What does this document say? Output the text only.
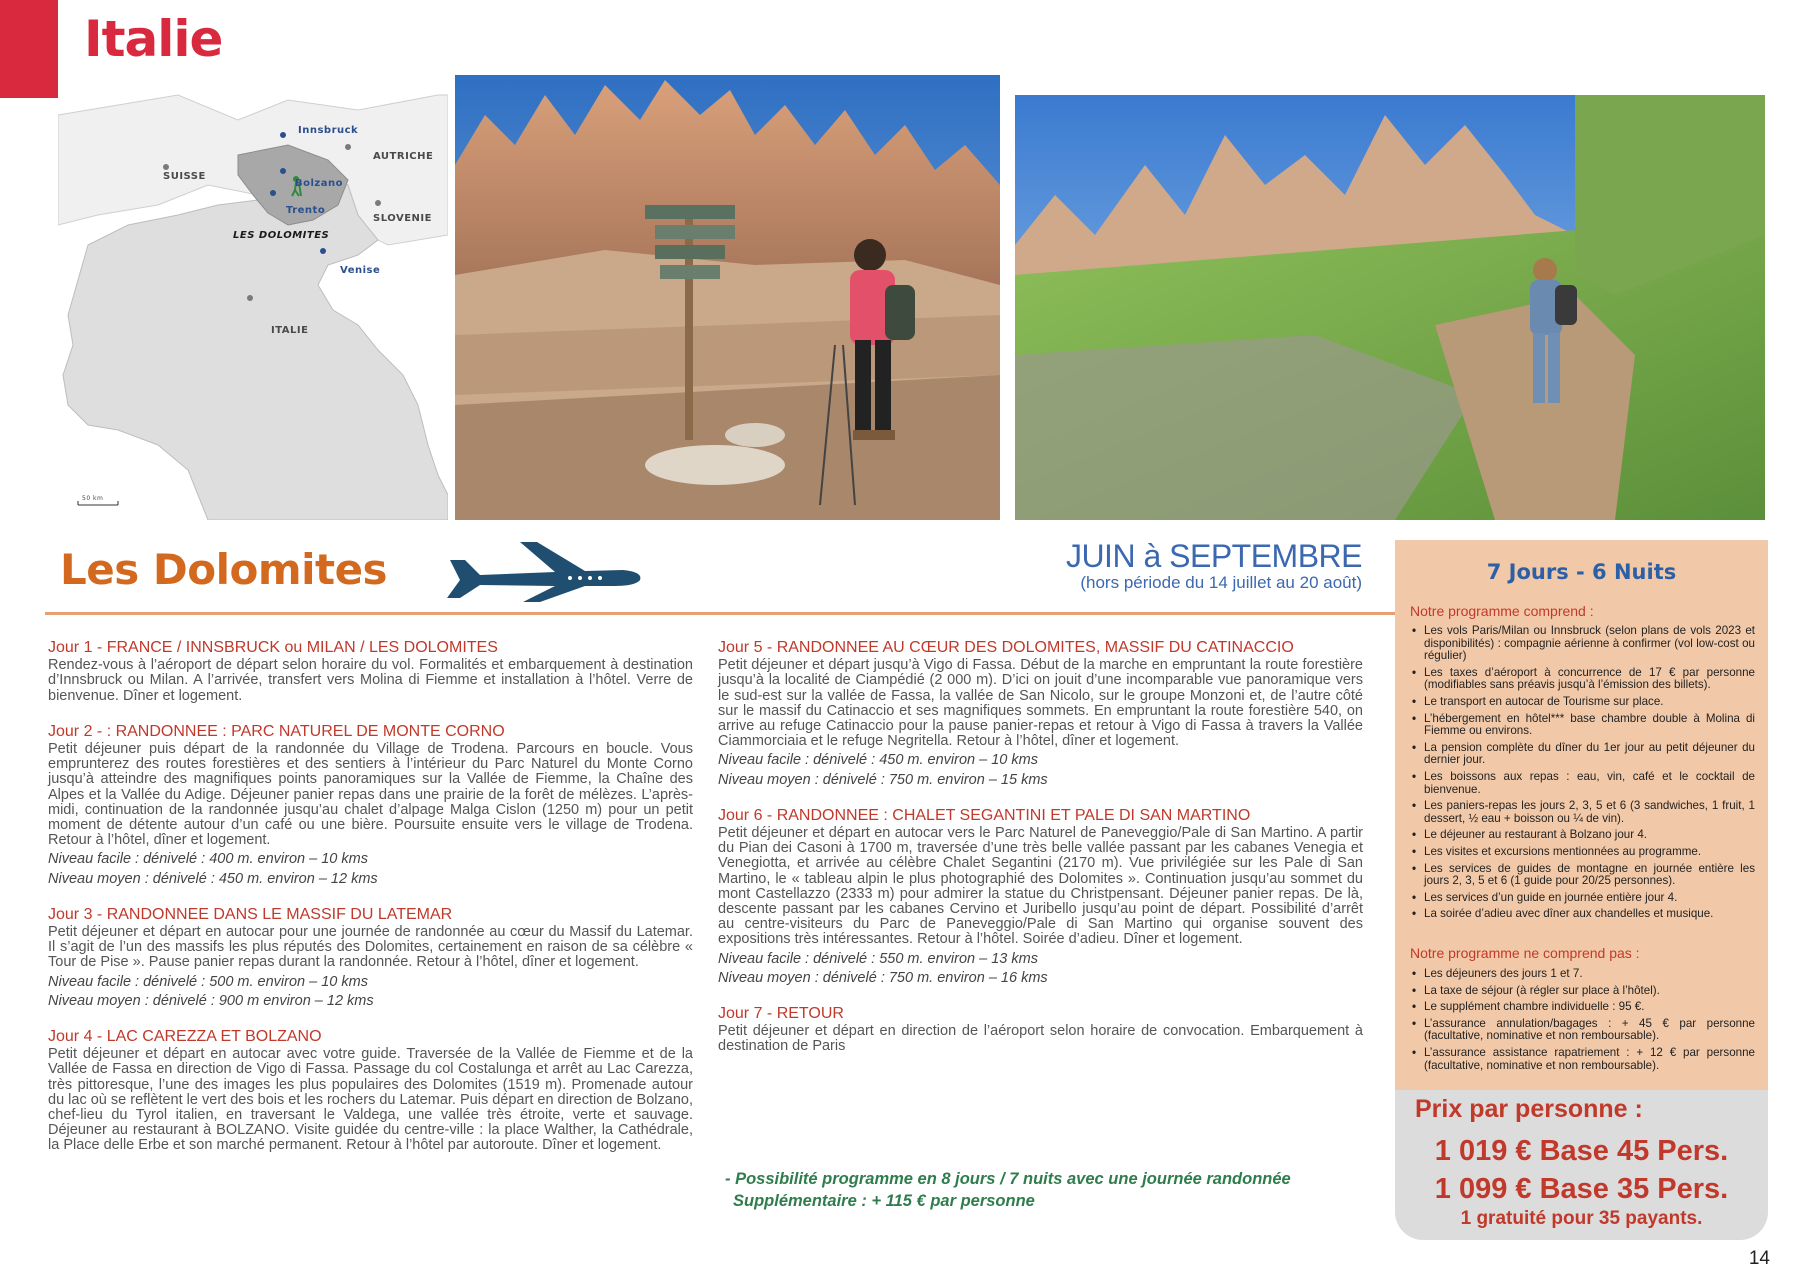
Italie
Innsbruck
AUTRICHE
SUISSE
Bolzano
Trento
SLOVENIE
LES DOLOMITES
Venise
ITALIE
50 km
Les Dolomites	JUIN à SEPTEMBRE
(hors période du 14 juillet au 20 août)
Jour 1 - FRANCE / INNSBRUCK ou MILAN / LES DOLOMITES

Rendez-vous à l’aéroport de départ selon horaire du vol. Formalités et embarquement à destination d’Innsbruck ou Milan. A l’arrivée, transfert vers Molina di Fiemme et installation à l’hôtel. Verre de bienvenue. Dîner et logement.

Jour 2 - : RANDONNEE : PARC NATUREL DE MONTE CORNO

Petit déjeuner puis départ de la randonnée du Village de Trodena. Parcours en boucle. Vous emprunterez des routes forestières et des sentiers à l’intérieur du Parc Naturel du Monte Corno jusqu’à atteindre des magnifiques points panoramiques sur la Vallée de Fiemme, la Chaîne des Alpes et la Vallée du Adige. Déjeuner panier repas dans une prairie de la forêt de mélèzes. L’après-midi, continuation de la randonnée jusqu’au chalet d’alpage Malga Cislon (1250 m) pour un petit moment de détente autour d’un café ou une bière. Poursuite ensuite vers le village de Trodena. Retour à l’hôtel, dîner et logement.

Niveau facile : dénivelé : 400 m. environ – 10 kms

Niveau moyen : dénivelé : 450 m. environ – 12 kms

Jour 3 - RANDONNEE DANS LE MASSIF DU LATEMAR

Petit déjeuner et départ en autocar pour une journée de randonnée au cœur du Massif du Latemar. Il s’agit de l’un des massifs les plus réputés des Dolomites, certainement en raison de sa célèbre « Tour de Pise ». Pause panier repas durant la randonnée. Retour à l’hôtel, dîner et logement.

Niveau facile : dénivelé : 500 m. environ – 10 kms

Niveau moyen : dénivelé : 900 m environ – 12 kms

Jour 4 - LAC CAREZZA ET BOLZANO

Petit déjeuner et départ en autocar avec votre guide. Traversée de la Vallée de Fiemme et de la Vallée de Fassa en direction de Vigo di Fassa. Passage du col Costalunga et arrêt au Lac Carezza, très pittoresque, l’une des images les plus populaires des Dolomites (1519 m). Promenade autour du lac où se reflètent le vert des bois et les rochers du Latemar. Puis départ en direction de Bolzano, chef-lieu du Tyrol italien, en traversant le Valdega, une vallée très étroite, verte et sauvage. Déjeuner au restaurant à BOLZANO. Visite guidée du centre-ville : la place Walther, la Cathédrale, la Place delle Erbe et son marché permanent. Retour à l’hôtel par autoroute. Dîner et logement.

Jour 5 - RANDONNEE AU CŒUR DES DOLOMITES, MASSIF DU CATINACCIO

Petit déjeuner et départ jusqu’à Vigo di Fassa. Début de la marche en empruntant la route forestière jusqu’à la localité de Ciampédié (2 000 m). D’ici on jouit d’une incomparable vue panoramique vers le sud-est sur la vallée de Fassa, la vallée de San Nicolo, sur le groupe Monzoni et, de l’autre côté sur le massif du Catinaccio et ses magnifiques sommets. En empruntant la route forestière 540, on arrive au refuge Catinaccio pour la pause panier-repas et retour à Vigo di Fassa à travers la Vallée Ciammorciaia et le refuge Negritella. Retour à l’hôtel, dîner et logement.

Niveau facile : dénivelé : 450 m. environ – 10 kms

Niveau moyen : dénivelé : 750 m. environ – 15 kms

Jour 6 - RANDONNEE : CHALET SEGANTINI ET PALE DI SAN MARTINO

Petit déjeuner et départ en autocar vers le Parc Naturel de Paneveggio/Pale di San Martino. A partir du Pian dei Casoni à 1700 m, traversée d’une très belle vallée passant par les cabanes Venegia et Venegiotta, et arrivée au célèbre Chalet Segantini (2170 m). Vue privilégiée sur les Pale di San Martino, le « tableau alpin le plus photographié des Dolomites ». Continuation jusqu’au sommet du mont Castellazzo (2333 m) pour admirer la statue du Christpensant. Déjeuner panier repas. De là, descente passant par les cabanes Cervino et Juribello jusqu’au point de départ. Possibilité d’arrêt au centre-visiteurs du Parc de Paneveggio/Pale di San Martino qui organise souvent des expositions très intéressantes. Retour à l’hôtel. Soirée d’adieu. Dîner et logement.

Niveau facile : dénivelé : 550 m. environ – 13 kms

Niveau moyen : dénivelé : 750 m. environ – 16 kms

Jour 7 - RETOUR

Petit déjeuner et départ en direction de l’aéroport selon horaire de convocation. Embarquement à destination de Paris

- Possibilité programme en 8 jours / 7 nuits avec une journée randonnée
Supplémentaire : + 115 € par personne
7 Jours - 6 Nuits
Notre programme comprend :
• Les vols Paris/Milan ou Innsbruck (selon plans de vols 2023 et disponibilités) : compagnie aérienne à confirmer (vol low-cost ou régulier)
• Les taxes d’aéroport à concurrence de 17 € par personne (modifiables sans préavis jusqu’à l’émission des billets).
• Le transport en autocar de Tourisme sur place.
• L’hébergement en hôtel*** base chambre double à Molina di Fiemme ou environs.
• La pension complète du dîner du 1er jour au petit déjeuner du dernier jour.
• Les boissons aux repas : eau, vin, café et le cocktail de bienvenue.
• Les paniers-repas les jours 2, 3, 5 et 6 (3 sandwiches, 1 fruit, 1 dessert, ½ eau + boisson ou ¼ de vin).
• Le déjeuner au restaurant à Bolzano jour 4.
• Les visites et excursions mentionnées au programme.
• Les services de guides de montagne en journée entière les jours 2, 3, 5 et 6 (1 guide pour 20/25 personnes).
• Les services d’un guide en journée entière jour 4.
• La soirée d’adieu avec dîner aux chandelles et musique.
Notre programme ne comprend pas :
• Les déjeuners des jours 1 et 7.
• La taxe de séjour (à régler sur place à l’hôtel).
• Le supplément chambre individuelle : 95 €.
• L’assurance annulation/bagages : + 45 € par personne (facultative, nominative et non remboursable).
• L’assurance assistance rapatriement : + 12 € par personne (facultative, nominative et non remboursable).
Prix par personne :
1 019 € Base 45 Pers.
1 099 € Base 35 Pers.
1 gratuité pour 35 payants.
14
